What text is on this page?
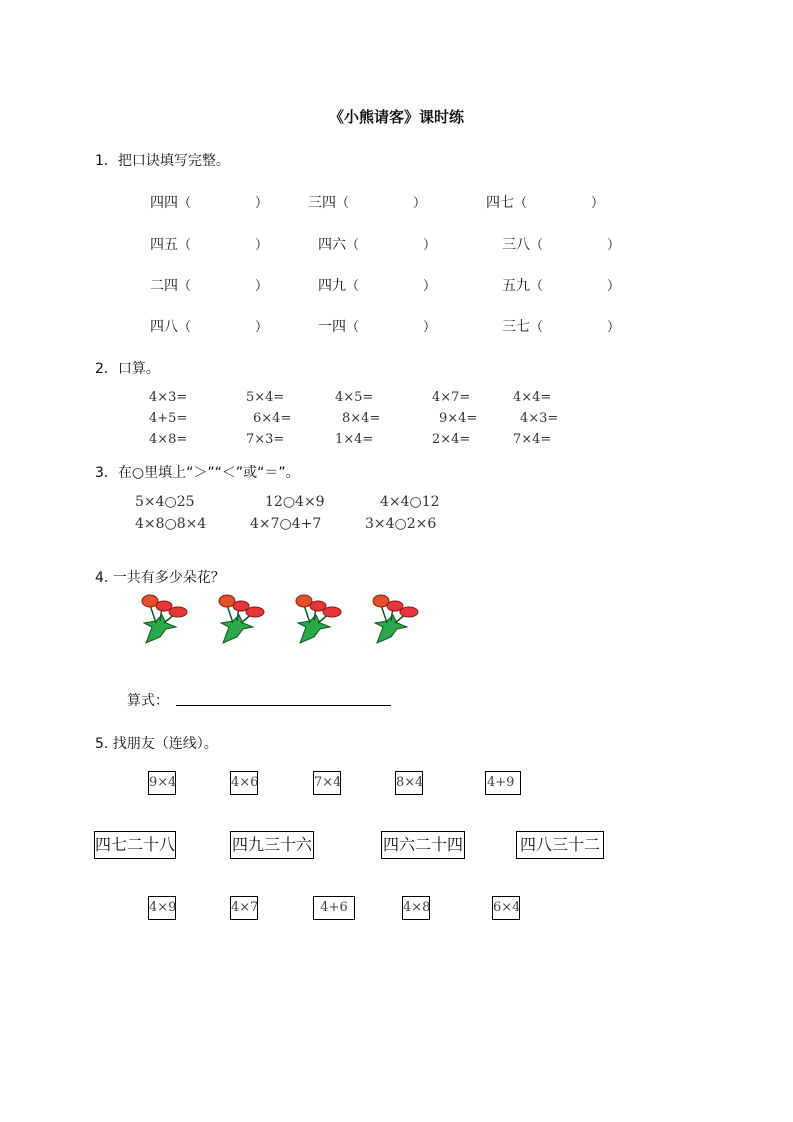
《小熊请客》课时练
1．把口诀填写完整。
四四（	）	三四（	）	四七（	）
四五（	）	四六（	）	三八（	）
二四（	）	四九（	）	五九（	）
四八（	）	一四（	）	三七（	）
2．口算。
4×3=	5×4=	4×5=	4×7=	4×4=
4+5=	6×4=	8×4=	9×4=	4×3=
4×8=	7×3=	1×4=	2×4=	7×4=
3．在○里填上“＞”“＜”或“＝”。
5×4○25	12○4×9	4×4○12
4×8○8×4	4×7○4+7	3×4○2×6
4. 一共有多少朵花？
算式：
5. 找朋友（连线）。
9×4	4×6	7×4	8×4	4+9
四七二十八	四九三十六	四六二十四	四八三十二
4×9	4×7	4+6	4×8	6×4
